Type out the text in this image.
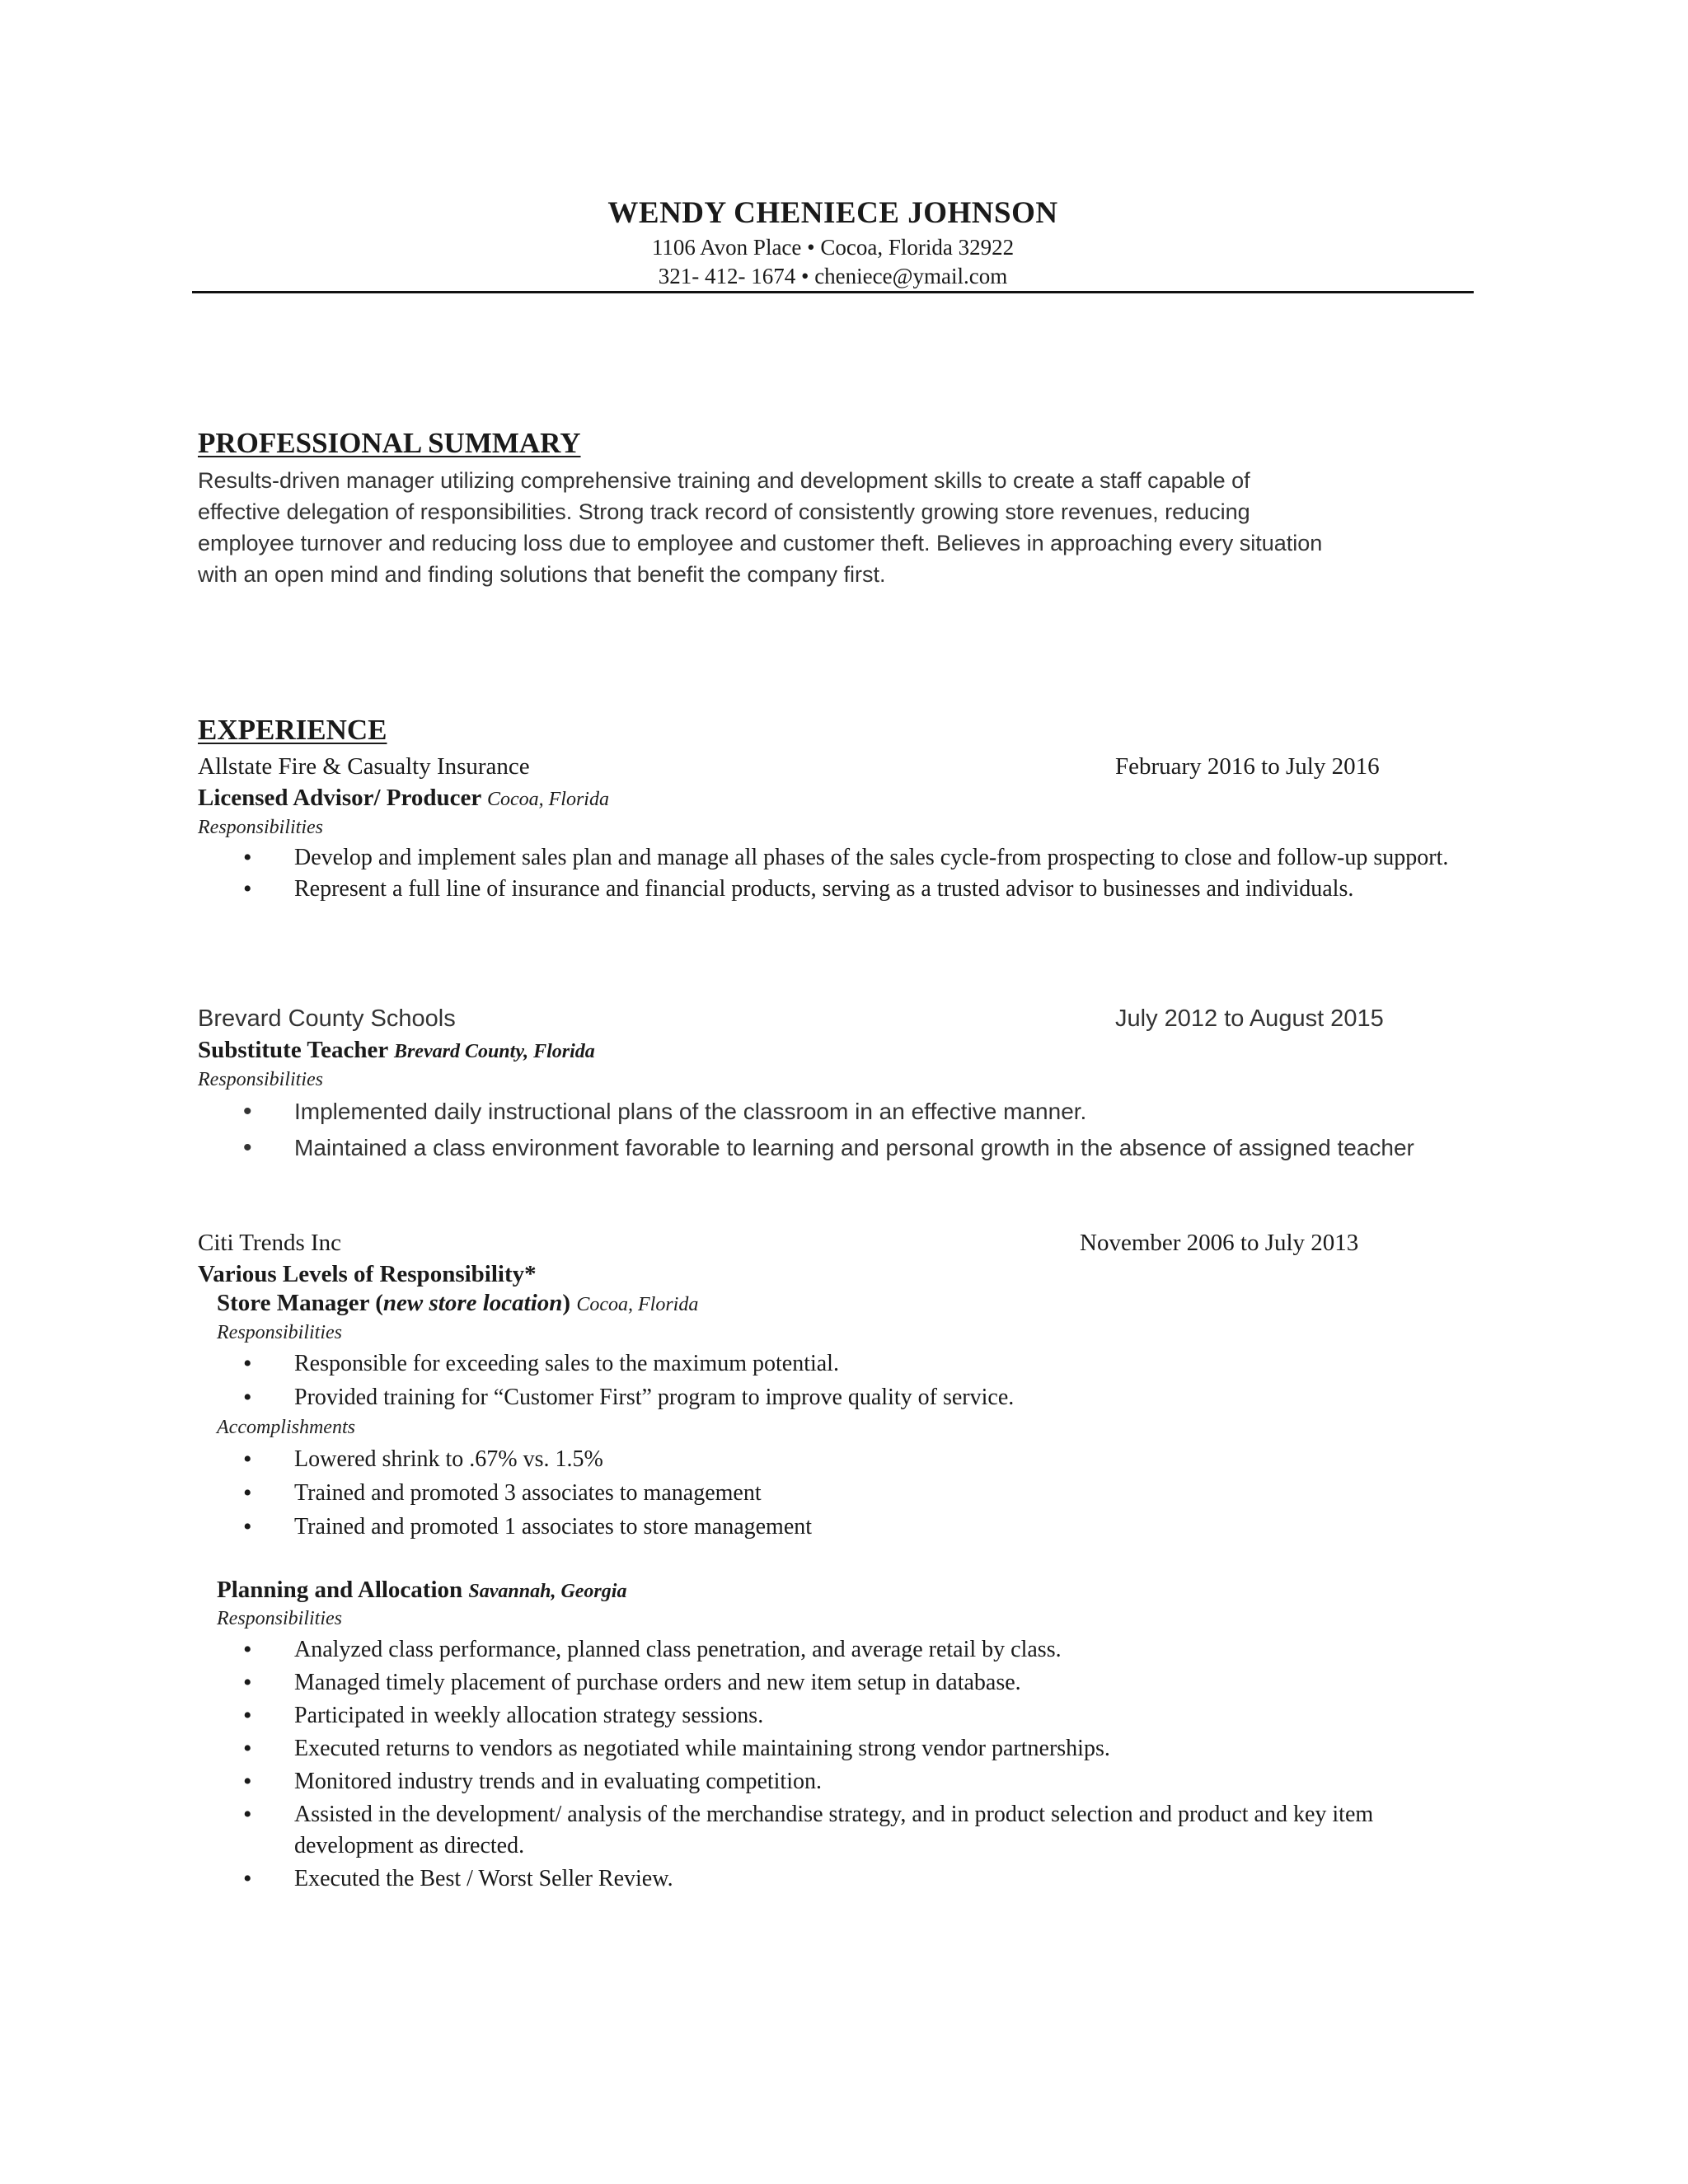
WENDY CHENIECE JOHNSON
1106 Avon Place • Cocoa, Florida 32922
321- 412- 1674 • cheniece@ymail.com
PROFESSIONAL SUMMARY
Results-driven manager utilizing comprehensive training and development skills to create a staff capable of
effective delegation of responsibilities. Strong track record of consistently growing store revenues, reducing
employee turnover and reducing loss due to employee and customer theft. Believes in approaching every situation
with an open mind and finding solutions that benefit the company first.
EXPERIENCE
Allstate Fire & Casualty Insurance	February 2016 to July 2016
Licensed Advisor/ Producer Cocoa, Florida
Responsibilities
• Develop and implement sales plan and manage all phases of the sales cycle-from prospecting to close and follow-up support.
• Represent a full line of insurance and financial products, serving as a trusted advisor to businesses and individuals.
Brevard County Schools	July 2012 to August 2015
Substitute Teacher Brevard County, Florida
Responsibilities
• Implemented daily instructional plans of the classroom in an effective manner.
• Maintained a class environment favorable to learning and personal growth in the absence of assigned teacher
Citi Trends Inc	November 2006 to July 2013
Various Levels of Responsibility*
Store Manager (new store location) Cocoa, Florida
Responsibilities
• Responsible for exceeding sales to the maximum potential.
• Provided training for “Customer First” program to improve quality of service.
Accomplishments
• Lowered shrink to .67% vs. 1.5%
• Trained and promoted 3 associates to management
• Trained and promoted 1 associates to store management
Planning and Allocation Savannah, Georgia
Responsibilities
• Analyzed class performance, planned class penetration, and average retail by class.
• Managed timely placement of purchase orders and new item setup in database.
• Participated in weekly allocation strategy sessions.
• Executed returns to vendors as negotiated while maintaining strong vendor partnerships.
• Monitored industry trends and in evaluating competition.
• Assisted in the development/ analysis of the merchandise strategy, and in product selection and product and key item development as directed.
• Executed the Best / Worst Seller Review.
